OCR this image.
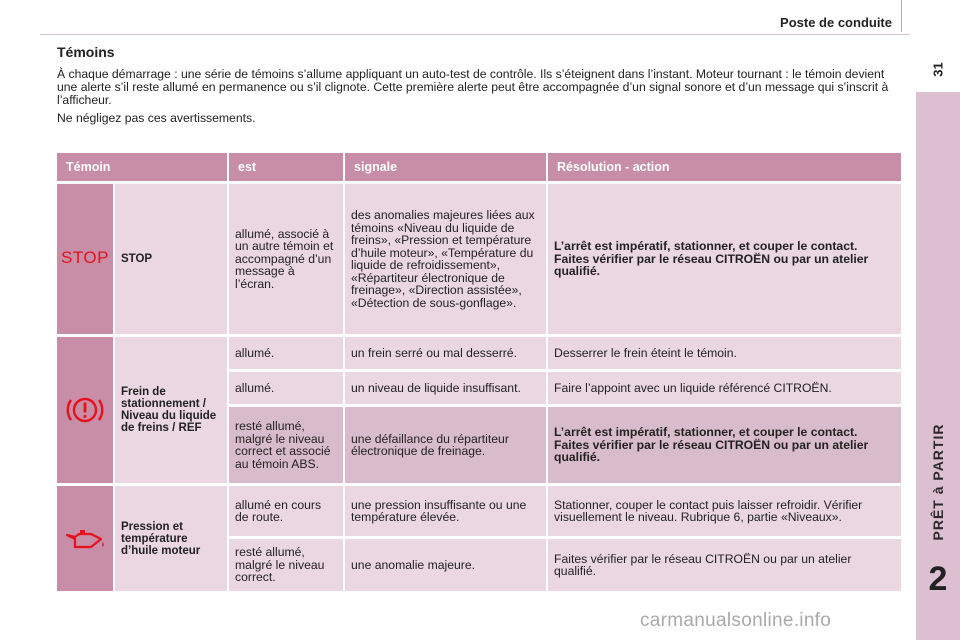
Poste de conduite
31
PRÊT à PARTIR
2
Témoins

À chaque démarrage : une série de témoins s’allume appliquant un auto-test de contrôle. Ils s’éteignent dans l’instant. Moteur tournant : le témoin devient une alerte s’il reste allumé en permanence ou s’il clignote. Cette première alerte peut être accompagnée d’un signal sonore et d’un message qui s’inscrit à l’afficheur.

Ne négligez pas ces avertissements.

Témoin		est	signale	Résolution - action
STOP	STOP	allumé, associé à un autre témoin et accompagné d’un message à l’écran.	des anomalies majeures liées aux témoins «Niveau du liquide de freins», «Pression et température d’huile moteur», «Température du liquide de refroidissement», «Répartiteur électronique de freinage», «Direction assistée», «Détection de sous-gonflage».	L’arrêt est impératif, stationner, et couper le contact. Faites vérifier par le réseau CITROËN ou par un atelier qualifié.

	Frein de stationnement / Niveau du liquide de freins / REF	allumé.	un frein serré ou mal desserré.	Desserrer le frein éteint le témoin.
		allumé.	un niveau de liquide insuffisant.	Faire l’appoint avec un liquide référencé CITROËN.
		resté allumé, malgré le niveau correct et associé au témoin ABS.	une défaillance du répartiteur électronique de freinage.	L’arrêt est impératif, stationner, et couper le contact. Faites vérifier par le réseau CITROËN ou par un atelier qualifié.

	Pression et température d’huile moteur	allumé en cours de route.	une pression insuffisante ou une température élevée.	Stationner, couper le contact puis laisser refroidir. Vérifier visuellement le niveau. Rubrique 6, partie «Niveaux».
		resté allumé, malgré le niveau correct.	une anomalie majeure.	Faites vérifier par le réseau CITROËN ou par un atelier qualifié.
carmanualsonline.info
